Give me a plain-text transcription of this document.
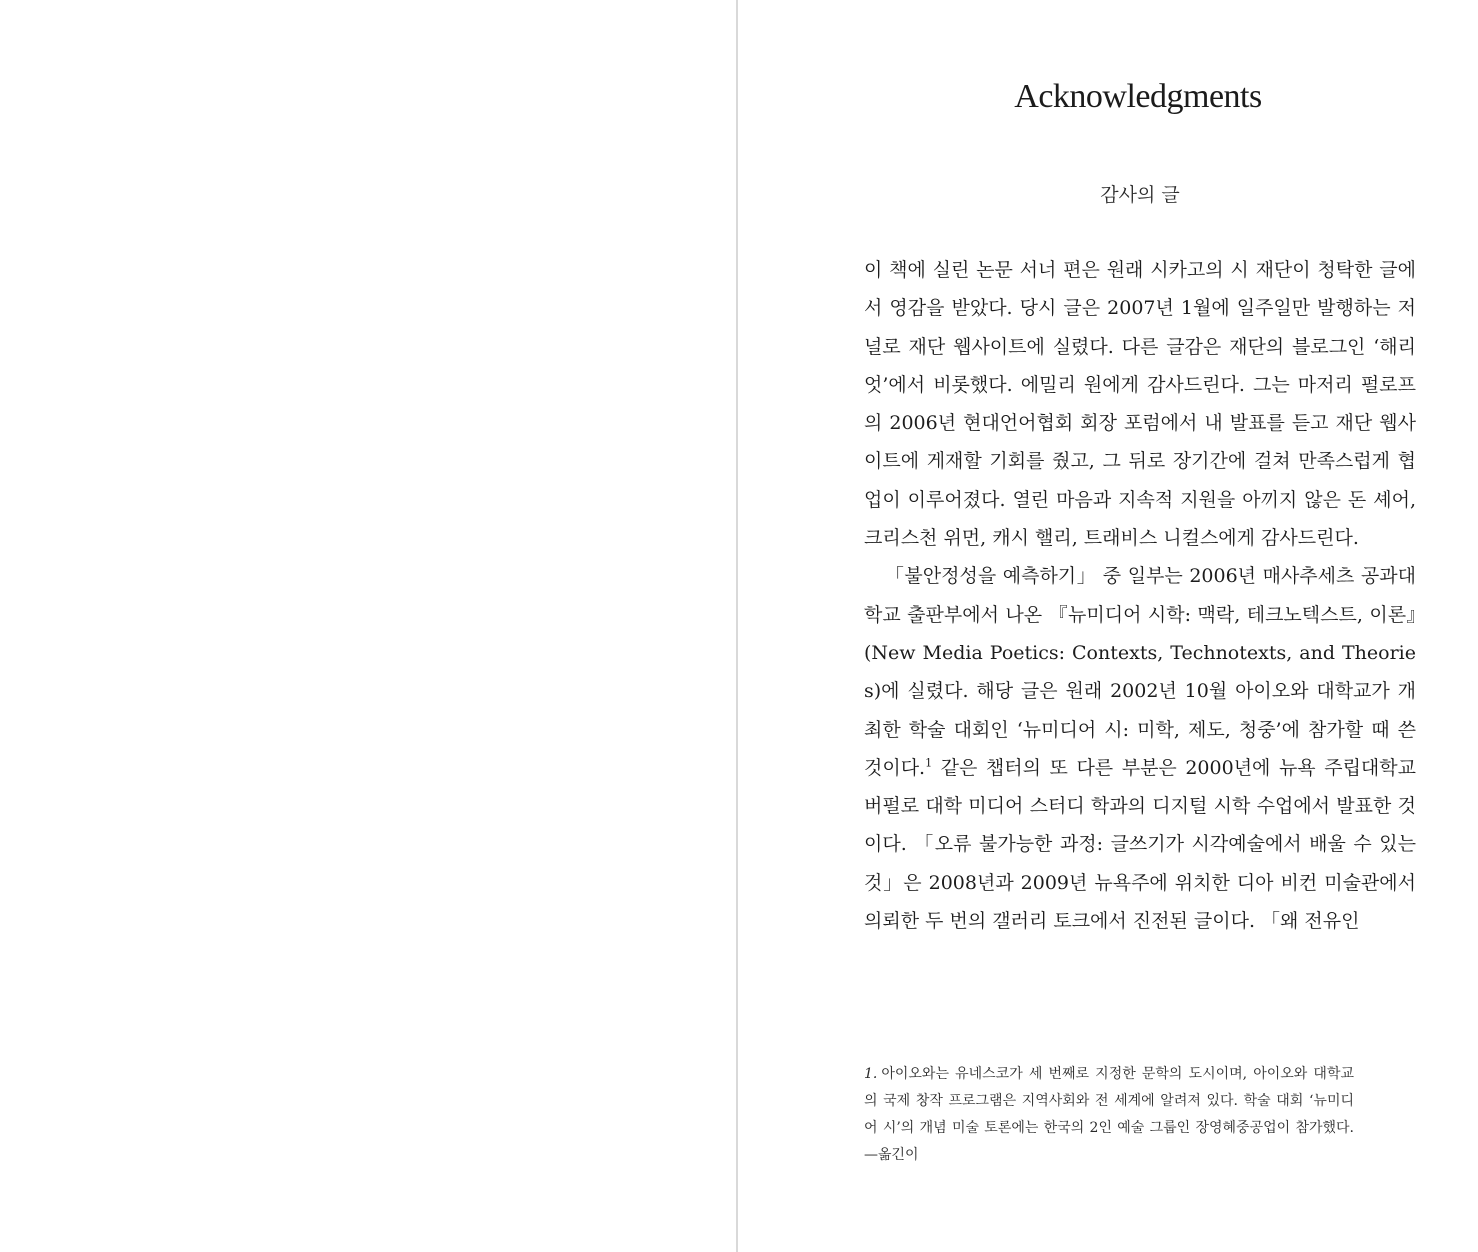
Acknowledgments
감사의 글

이 책에 실린 논문 서너 편은 원래 시카고의 시 재단이 청탁한 글에서 영감을 받았다. 당시 글은 2007년 1월에 일주일만 발행하는 저널로 재단 웹사이트에 실렸다. 다른 글감은 재단의 블로그인 ‘해리엇’에서 비롯했다. 에밀리 원에게 감사드린다. 그는 마저리 펄로프의 2006년 현대언어협회 회장 포럼에서 내 발표를 듣고 재단 웹사이트에 게재할 기회를 줬고, 그 뒤로 장기간에 걸쳐 만족스럽게 협업이 이루어졌다. 열린 마음과 지속적 지원을 아끼지 않은 돈 셰어, 크리스천 위먼, 캐시 핼리, 트래비스 니컬스에게 감사드린다.

「불안정성을 예측하기」 중 일부는 2006년 매사추세츠 공과대학교 출판부에서 나온 『뉴미디어 시학: 맥락, 테크노텍스트, 이론』(New Media Poetics: Contexts, Technotexts, and Theories)에 실렸다. 해당 글은 원래 2002년 10월 아이오와 대학교가 개최한 학술 대회인 ‘뉴미디어 시: 미학, 제도, 청중’에 참가할 때 쓴 것이다.$^1$ 같은 챕터의 또 다른 부분은 2000년에 뉴욕 주립대학교 버펄로 대학 미디어 스터디 학과의 디지털 시학 수업에서 발표한 것이다. 「오류 불가능한 과정: 글쓰기가 시각예술에서 배울 수 있는 것」은 2008년과 2009년 뉴욕주에 위치한 디아 비컨 미술관에서 의뢰한 두 번의 갤러리 토크에서 진전된 글이다. 「왜 전유인

1. 아이오와는 유네스코가 세 번째로 지정한 문학의 도시이며, 아이오와 대학교의 국제 창작 프로그램은 지역사회와 전 세계에 알려져 있다. 학술 대회 ‘뉴미디어 시’의 개념 미술 토론에는 한국의 2인 예술 그룹인 장영혜중공업이 참가했다.—옮긴이
